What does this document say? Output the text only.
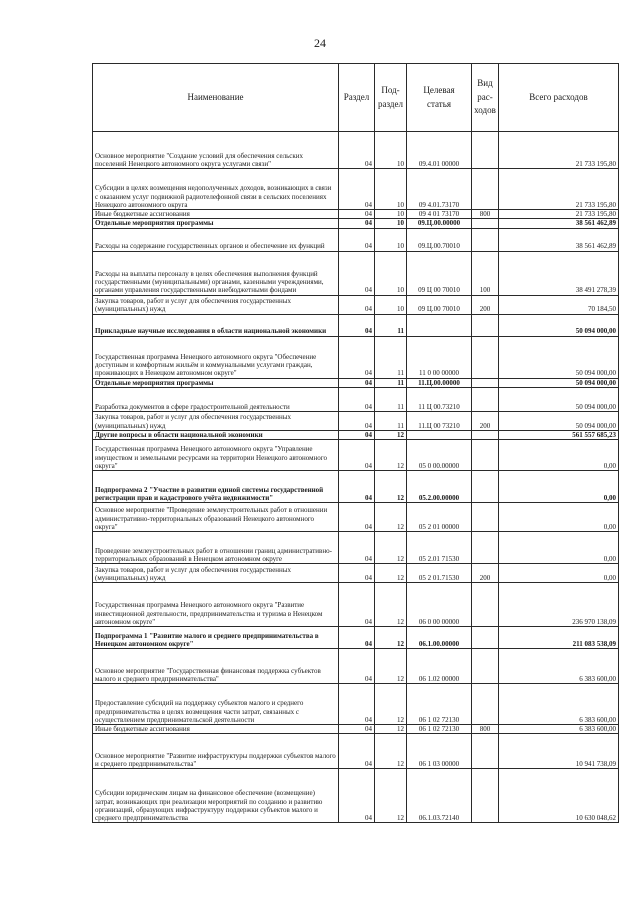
24
Наименование	Раздел	Под-
раздел	Целевая
статья	Вид
рас-
ходов	Всего расходов
Основное мероприятие "Создание условий для обеспечения сельских поселений Ненецкого автономного округа услугами связи"	04	10	09.4.01 00000		21 733 195,80
Субсидии в целях возмещения недополученных доходов, возникающих в связи с оказанием услуг подвижной радиотелефонной связи в сельских поселениях Ненецкого автономного округа	04	10	09 4.01.73170		21 733 195,80
Иные бюджетные ассигнования	04	10	09 4 01 73170	800	21 733 195,80
Отдельные мероприятия программы	04	10	09.Ц.00.00000		38 561 462,89
Расходы на содержание государственных органов и обеспечение их функций	04	10	09.Ц.00.70010		38 561 462,89
Расходы на выплаты персоналу в целях обеспечения выполнения функций государственными (муниципальными) органами, казенными учреждениями, органами управления государственными внебюджетными фондами	04	10	09 Ц 00 70010	100	38 491 278,39
Закупка товаров, работ и услуг для обеспечения государственных (муниципальных) нужд	04	10	09 Ц.00 70010	200	70 184,50
Прикладные научные исследования в области национальной экономики	04	11			50 094 000,00
Государственная программа Ненецкого автономного округа "Обеспечение доступным и комфортным жильём и коммунальными услугами граждан, проживающих в Ненецком автономном округе"	04	11	11 0 00 00000		50 094 000,00
Отдельные мероприятия программы	04	11	11.Ц.00.00000		50 094 000,00
Разработка документов в сфере градостроительной деятельности	04	11	11 Ц 00.73210		50 094 000,00
Закупка товаров, работ и услуг для обеспечения государственных (муниципальных) нужд	04	11	11.Ц 00 73210	200	50 094 000,00
Другие вопросы в области национальной экономики	04	12			561 557 685,23
Государственная программа Ненецкого автономного округа "Управление имуществом и земельными ресурсами на территории Ненецкого автономного округа"	04	12	05 0 00.00000		0,00
Подпрограмма 2 "Участие в развитии единой системы государственной регистрации прав и кадастрового учёта недвижимости"	04	12	05.2.00.00000		0,00
Основное мероприятие "Проведение землеустроительных работ в отношении административно-территориальных образований Ненецкого автономного округа"	04	12	05 2 01 00000		0,00
Проведение землеустроительных работ в отношении границ административно-территориальных образований в Ненецком автономном округе	04	12	05 2.01 71530		0,00
Закупка товаров, работ и услуг для обеспечения государственных (муниципальных) нужд	04	12	05 2 01.71530	200	0,00
Государственная программа Ненецкого автономного округа "Развитие инвестиционной деятельности, предпринимательства и туризма в Ненецком автономном округе"	04	12	06 0 00 00000		236 970 138,09
Подпрограмма 1 "Развитие малого и среднего предпринимательства в Ненецком автономном округе"	04	12	06.1.00.00000		211 083 538,09
Основное мероприятие "Государственная финансовая поддержка субъектов малого и среднего предпринимательства"	04	12	06 1.02 00000		6 383 600,00
Предоставление субсидий на поддержку субъектов малого и среднего предпринимательства в целях возмещения части затрат, связанных с осуществлением предпринимательской деятельности	04	12	06 1 02 72130		6 383 600,00
Иные бюджетные ассигнования	04	12	06 1 02 72130	800	6 383 600,00
Основное мероприятие "Развитие инфраструктуры поддержки субъектов малого и среднего предпринимательства"	04	12	06 1 03 00000		10 941 738,09
Субсидии юридическим лицам на финансовое обеспечение (возмещение) затрат, возникающих при реализации мероприятий по созданию и развитию организаций, образующих инфраструктуру поддержки субъектов малого и среднего предпринимательства	04	12	06.1.03.72140		10 630 048,62
